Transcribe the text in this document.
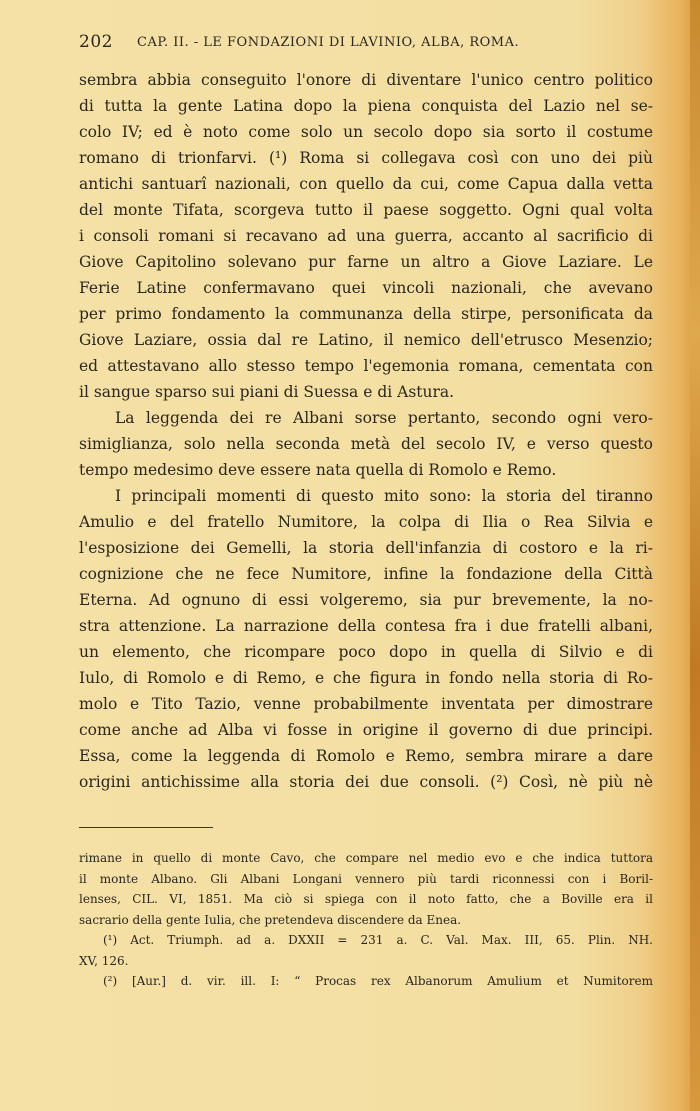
202 CAP. II. - LE FONDAZIONI DI LAVINIO, ALBA, ROMA.
sembra abbia conseguito l'onore di diventare l'unico centro politico
di tutta la gente Latina dopo la piena conquista del Lazio nel se-
colo IV; ed è noto come solo un secolo dopo sia sorto il costume
romano di trionfarvi. (¹) Roma si collegava così con uno dei più
antichi santuarî nazionali, con quello da cui, come Capua dalla vetta
del monte Tifata, scorgeva tutto il paese soggetto. Ogni qual volta
i consoli romani si recavano ad una guerra, accanto al sacrificio di
Giove Capitolino solevano pur farne un altro a Giove Laziare. Le
Ferie Latine confermavano quei vincoli nazionali, che avevano
per primo fondamento la communanza della stirpe, personificata da
Giove Laziare, ossia dal re Latino, il nemico dell'etrusco Mesenzio;
ed attestavano allo stesso tempo l'egemonia romana, cementata con
il sangue sparso sui piani di Suessa e di Astura.
La leggenda dei re Albani sorse pertanto, secondo ogni vero-
simiglianza, solo nella seconda metà del secolo IV, e verso questo
tempo medesimo deve essere nata quella di Romolo e Remo.
I principali momenti di questo mito sono: la storia del tiranno
Amulio e del fratello Numitore, la colpa di Ilia o Rea Silvia e
l'esposizione dei Gemelli, la storia dell'infanzia di costoro e la ri-
cognizione che ne fece Numitore, infine la fondazione della Città
Eterna. Ad ognuno di essi volgeremo, sia pur brevemente, la no-
stra attenzione. La narrazione della contesa fra i due fratelli albani,
un elemento, che ricompare poco dopo in quella di Silvio e di
Iulo, di Romolo e di Remo, e che figura in fondo nella storia di Ro-
molo e Tito Tazio, venne probabilmente inventata per dimostrare
come anche ad Alba vi fosse in origine il governo di due principi.
Essa, come la leggenda di Romolo e Remo, sembra mirare a dare
origini antichissime alla storia dei due consoli. (²) Così, nè più nè
rimane in quello di monte Cavo, che compare nel medio evo e che indica tuttora
il monte Albano. Gli Albani Longani vennero più tardi riconnessi con i Boril-
lenses, CIL. VI, 1851. Ma ciò si spiega con il noto fatto, che a Boville era il
sacrario della gente Iulia, che pretendeva discendere da Enea.
(¹) Act. Triumph. ad a. DXXII = 231 a. C. Val. Max. III, 65. Plin. NH.
XV, 126.
(²) [Aur.] d. vir. ill. I: “ Procas rex Albanorum Amulium et Numitorem
